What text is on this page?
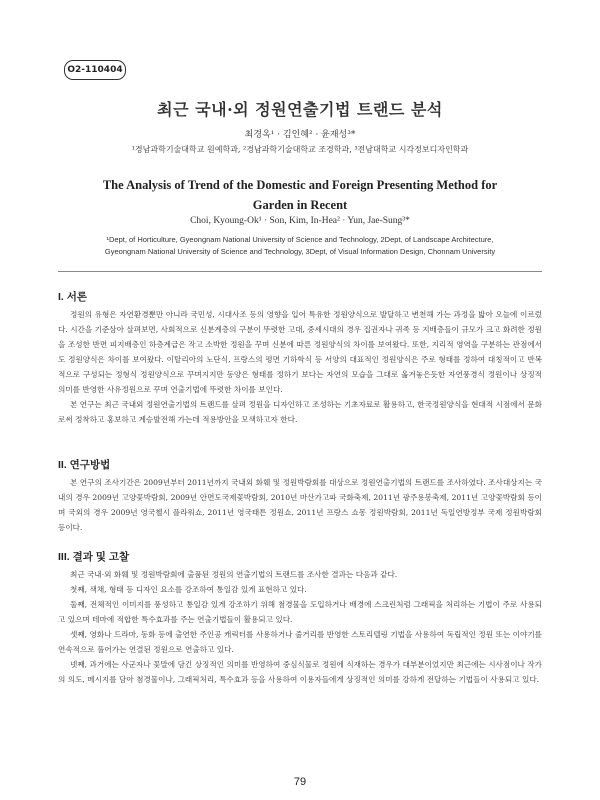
O2-110404
최근 국내·외 정원연출기법 트랜드 분석
최경옥¹ · 김인혜² · 윤재성³*
¹경남과학기술대학교 원예학과, ²경남과학기술대학교 조경학과, ³전남대학교 시각정보디자인학과
The Analysis of Trend of the Domestic and Foreign Presenting Method for
Garden in Recent
Choi, Kyoung-Ok¹ · Son, Kim, In-Hea² · Yun, Jae-Sung³*
¹Dept, of Horticulture, Gyeongnam National University of Science and Technology, 2Dept, of Landscape Architecture,
Gyeongnam National University of Science and Technology, 3Dept, of Visual Information Design, Chonnam University
I. 서론

정원의 유형은 자연환경뿐만 아니라 국민성, 시대사조 등의 영향을 입어 특유한 정원양식으로 발달하고 변천해 가는 과정을 밟아 오늘에 이르렀다. 시간을 기준삼아 살펴보면, 사회적으로 신분계층의 구분이 뚜렷한 고대, 중세시대의 경우 집권자나 귀족 등 지배층들이 규모가 크고 화려한 정원을 조성한 반면 피지배층인 하층계급은 작고 소박한 정원을 꾸며 신분에 따른 정원양식의 차이를 보여왔다. 또한, 지리적 영역을 구분하는 관점에서도 정원양식은 차이를 보여왔다. 이탈리아의 노단식, 프랑스의 평면 기하학식 등 서양의 대표적인 정원양식은 주로 형태를 정하여 대칭적이고 반복적으로 구성되는 정형식 정원양식으로 꾸며지지만 동양은 형태를 정하기 보다는 자연의 모습을 그대로 옮겨놓은듯한 자연풍경식 정원이나 상징적 의미를 반영한 사유정원으로 꾸며 연출기법에 뚜렷한 차이를 보인다.

본 연구는 최근 국내외 정원연출기법의 트랜드를 살펴 정원을 디자인하고 조성하는 기초자료로 활용하고, 한국정원양식을 현대적 시점에서 문화로써 정착하고 홍보하고 계승발전해 가는데 적용방안을 모색하고자 한다.

II. 연구방법

본 연구의 조사기간은 2009년부터 2011년까지 국내외 화훼 및 정원박람회를 대상으로 정원연출기법의 트랜드를 조사하였다. 조사대상지는 국내의 경우 2009년 고양꽃박람회, 2009년 안면도국제꽃박람회, 2010년 마산가고파 국화축제, 2011년 광주용봉축제, 2011년 고양꽃박람회 등이며 국외의 경우 2009년 영국첼시 플라워쇼, 2011년 영국태튼 정원쇼, 2011년 프랑스 쇼몽 정원박람회, 2011년 독일연방정부 국제 정원박람회 등이다.

III. 결과 및 고찰

최근 국내·외 화훼 및 정원박람회에 출품된 정원의 연출기법의 트랜드를 조사한 결과는 다음과 같다.

첫째, 색채, 형태 등 디자인 요소를 강조하여 통일감 있게 표현하고 있다.

둘째, 전체적인 이미지를 풍성하고 통일감 있게 강조하기 위해 첨경물을 도입하거나 배경에 스크린처럼 그래픽을 처리하는 기법이 주로 사용되고 있으며 테마에 적합한 특수효과를 주는 연출기법들이 활용되고 있다.

셋째, 영화나 드라마, 동화 등에 출연한 주인공 캐릭터를 사용하거나 줄거리를 반영한 스토리텔링 기법을 사용하여 독립적인 정원 또는 이야기를 연속적으로 풀어가는 연결된 정원으로 연출하고 있다.

넷째, 과거에는 사군자나 꽃말에 담긴 상징적인 의미를 반영하여 중심식물로 정원에 식재하는 경우가 대부분이었지만 최근에는 시사점이나 작가의 의도, 메시지를 담아 첨경물이나, 그래픽처리, 특수효과 등을 사용하여 이용자들에게 상징적인 의미를 강하게 전달하는 기법들이 사용되고 있다.

79
